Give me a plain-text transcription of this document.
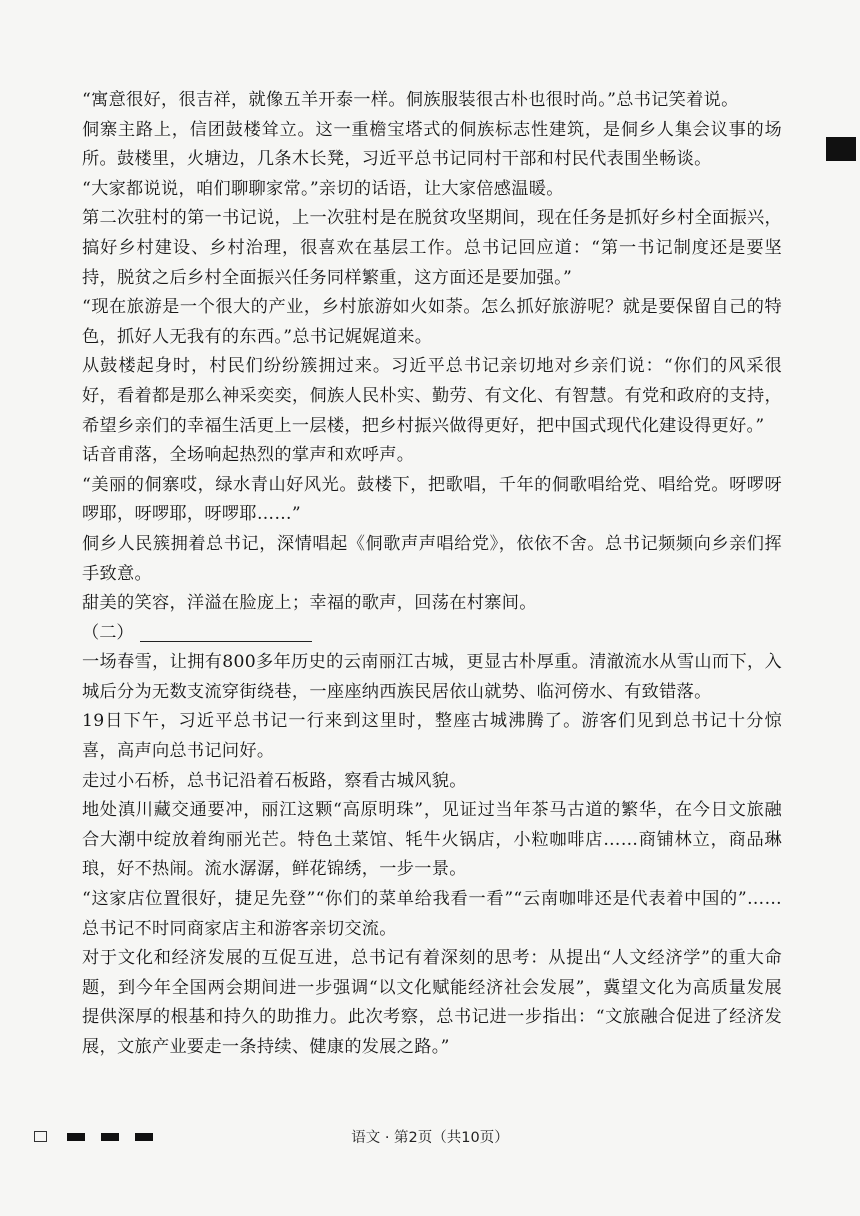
“寓意很好，很吉祥，就像五羊开泰一样。侗族服装很古朴也很时尚。”总书记笑着说。

侗寨主路上，信团鼓楼耸立。这一重檐宝塔式的侗族标志性建筑，是侗乡人集会议事的场所。鼓楼里，火塘边，几条木长凳，习近平总书记同村干部和村民代表围坐畅谈。

“大家都说说，咱们聊聊家常。”亲切的话语，让大家倍感温暖。

第二次驻村的第一书记说，上一次驻村是在脱贫攻坚期间，现在任务是抓好乡村全面振兴，搞好乡村建设、乡村治理，很喜欢在基层工作。总书记回应道：“第一书记制度还是要坚持，脱贫之后乡村全面振兴任务同样繁重，这方面还是要加强。”

“现在旅游是一个很大的产业，乡村旅游如火如荼。怎么抓好旅游呢？就是要保留自己的特色，抓好人无我有的东西。”总书记娓娓道来。

从鼓楼起身时，村民们纷纷簇拥过来。习近平总书记亲切地对乡亲们说：“你们的风采很好，看着都是那么神采奕奕，侗族人民朴实、勤劳、有文化、有智慧。有党和政府的支持，希望乡亲们的幸福生活更上一层楼，把乡村振兴做得更好，把中国式现代化建设得更好。”

话音甫落，全场响起热烈的掌声和欢呼声。

“美丽的侗寨哎，绿水青山好风光。鼓楼下，把歌唱，千年的侗歌唱给党、唱给党。呀啰呀啰耶，呀啰耶，呀啰耶……”

侗乡人民簇拥着总书记，深情唱起《侗歌声声唱给党》，依依不舍。总书记频频向乡亲们挥手致意。

甜美的笑容，洋溢在脸庞上；幸福的歌声，回荡在村寨间。

（二）

一场春雪，让拥有800多年历史的云南丽江古城，更显古朴厚重。清澈流水从雪山而下，入城后分为无数支流穿街绕巷，一座座纳西族民居依山就势、临河傍水、有致错落。

19日下午，习近平总书记一行来到这里时，整座古城沸腾了。游客们见到总书记十分惊喜，高声向总书记问好。

走过小石桥，总书记沿着石板路，察看古城风貌。

地处滇川藏交通要冲，丽江这颗“高原明珠”，见证过当年茶马古道的繁华，在今日文旅融合大潮中绽放着绚丽光芒。特色土菜馆、牦牛火锅店，小粒咖啡店……商铺林立，商品琳琅，好不热闹。流水潺潺，鲜花锦绣，一步一景。

“这家店位置很好，捷足先登”“你们的菜单给我看一看”“云南咖啡还是代表着中国的”……总书记不时同商家店主和游客亲切交流。

对于文化和经济发展的互促互进，总书记有着深刻的思考：从提出“人文经济学”的重大命题，到今年全国两会期间进一步强调“以文化赋能经济社会发展”，冀望文化为高质量发展提供深厚的根基和持久的助推力。此次考察，总书记进一步指出：“文旅融合促进了经济发展，文旅产业要走一条持续、健康的发展之路。”

语文 · 第2页（共10页）
